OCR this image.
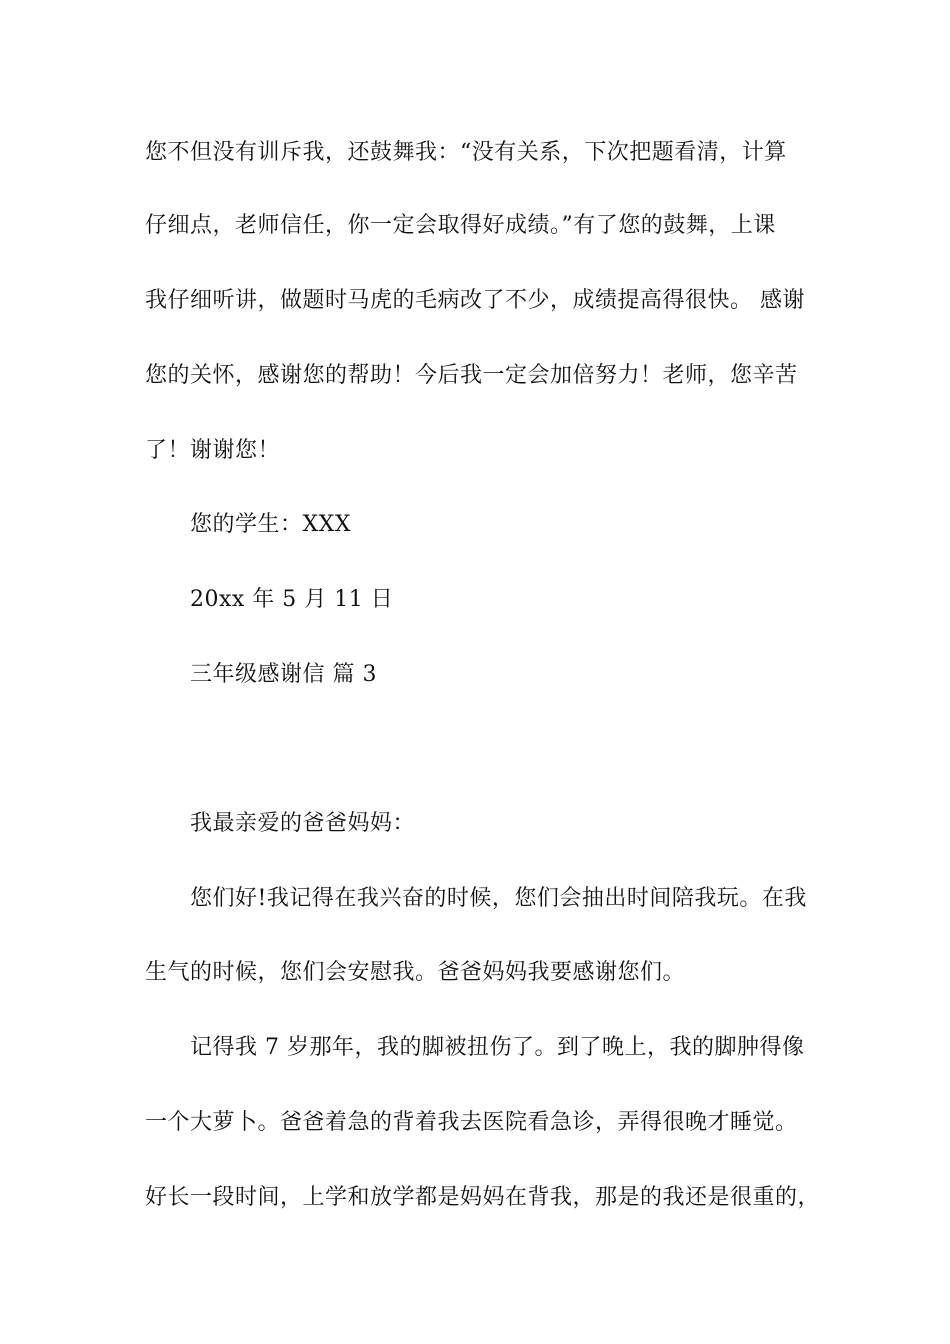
您不但没有训斥我，还鼓舞我：“没有关系，下次把题看清，计算
仔细点，老师信任，你一定会取得好成绩。”有了您的鼓舞，上课
我仔细听讲，做题时马虎的毛病改了不少，成绩提高得很快。 感谢
您的关怀，感谢您的帮助！今后我一定会加倍努力！老师，您辛苦
了！谢谢您！
您的学生：XXX
20xx 年 5 月 11 日
三年级感谢信 篇 3
我最亲爱的爸爸妈妈：
您们好!我记得在我兴奋的时候，您们会抽出时间陪我玩。在我
生气的时候，您们会安慰我。爸爸妈妈我要感谢您们。
记得我 7 岁那年，我的脚被扭伤了。到了晚上，我的脚肿得像
一个大萝卜。爸爸着急的背着我去医院看急诊，弄得很晚才睡觉。
好长一段时间，上学和放学都是妈妈在背我，那是的我还是很重的，
